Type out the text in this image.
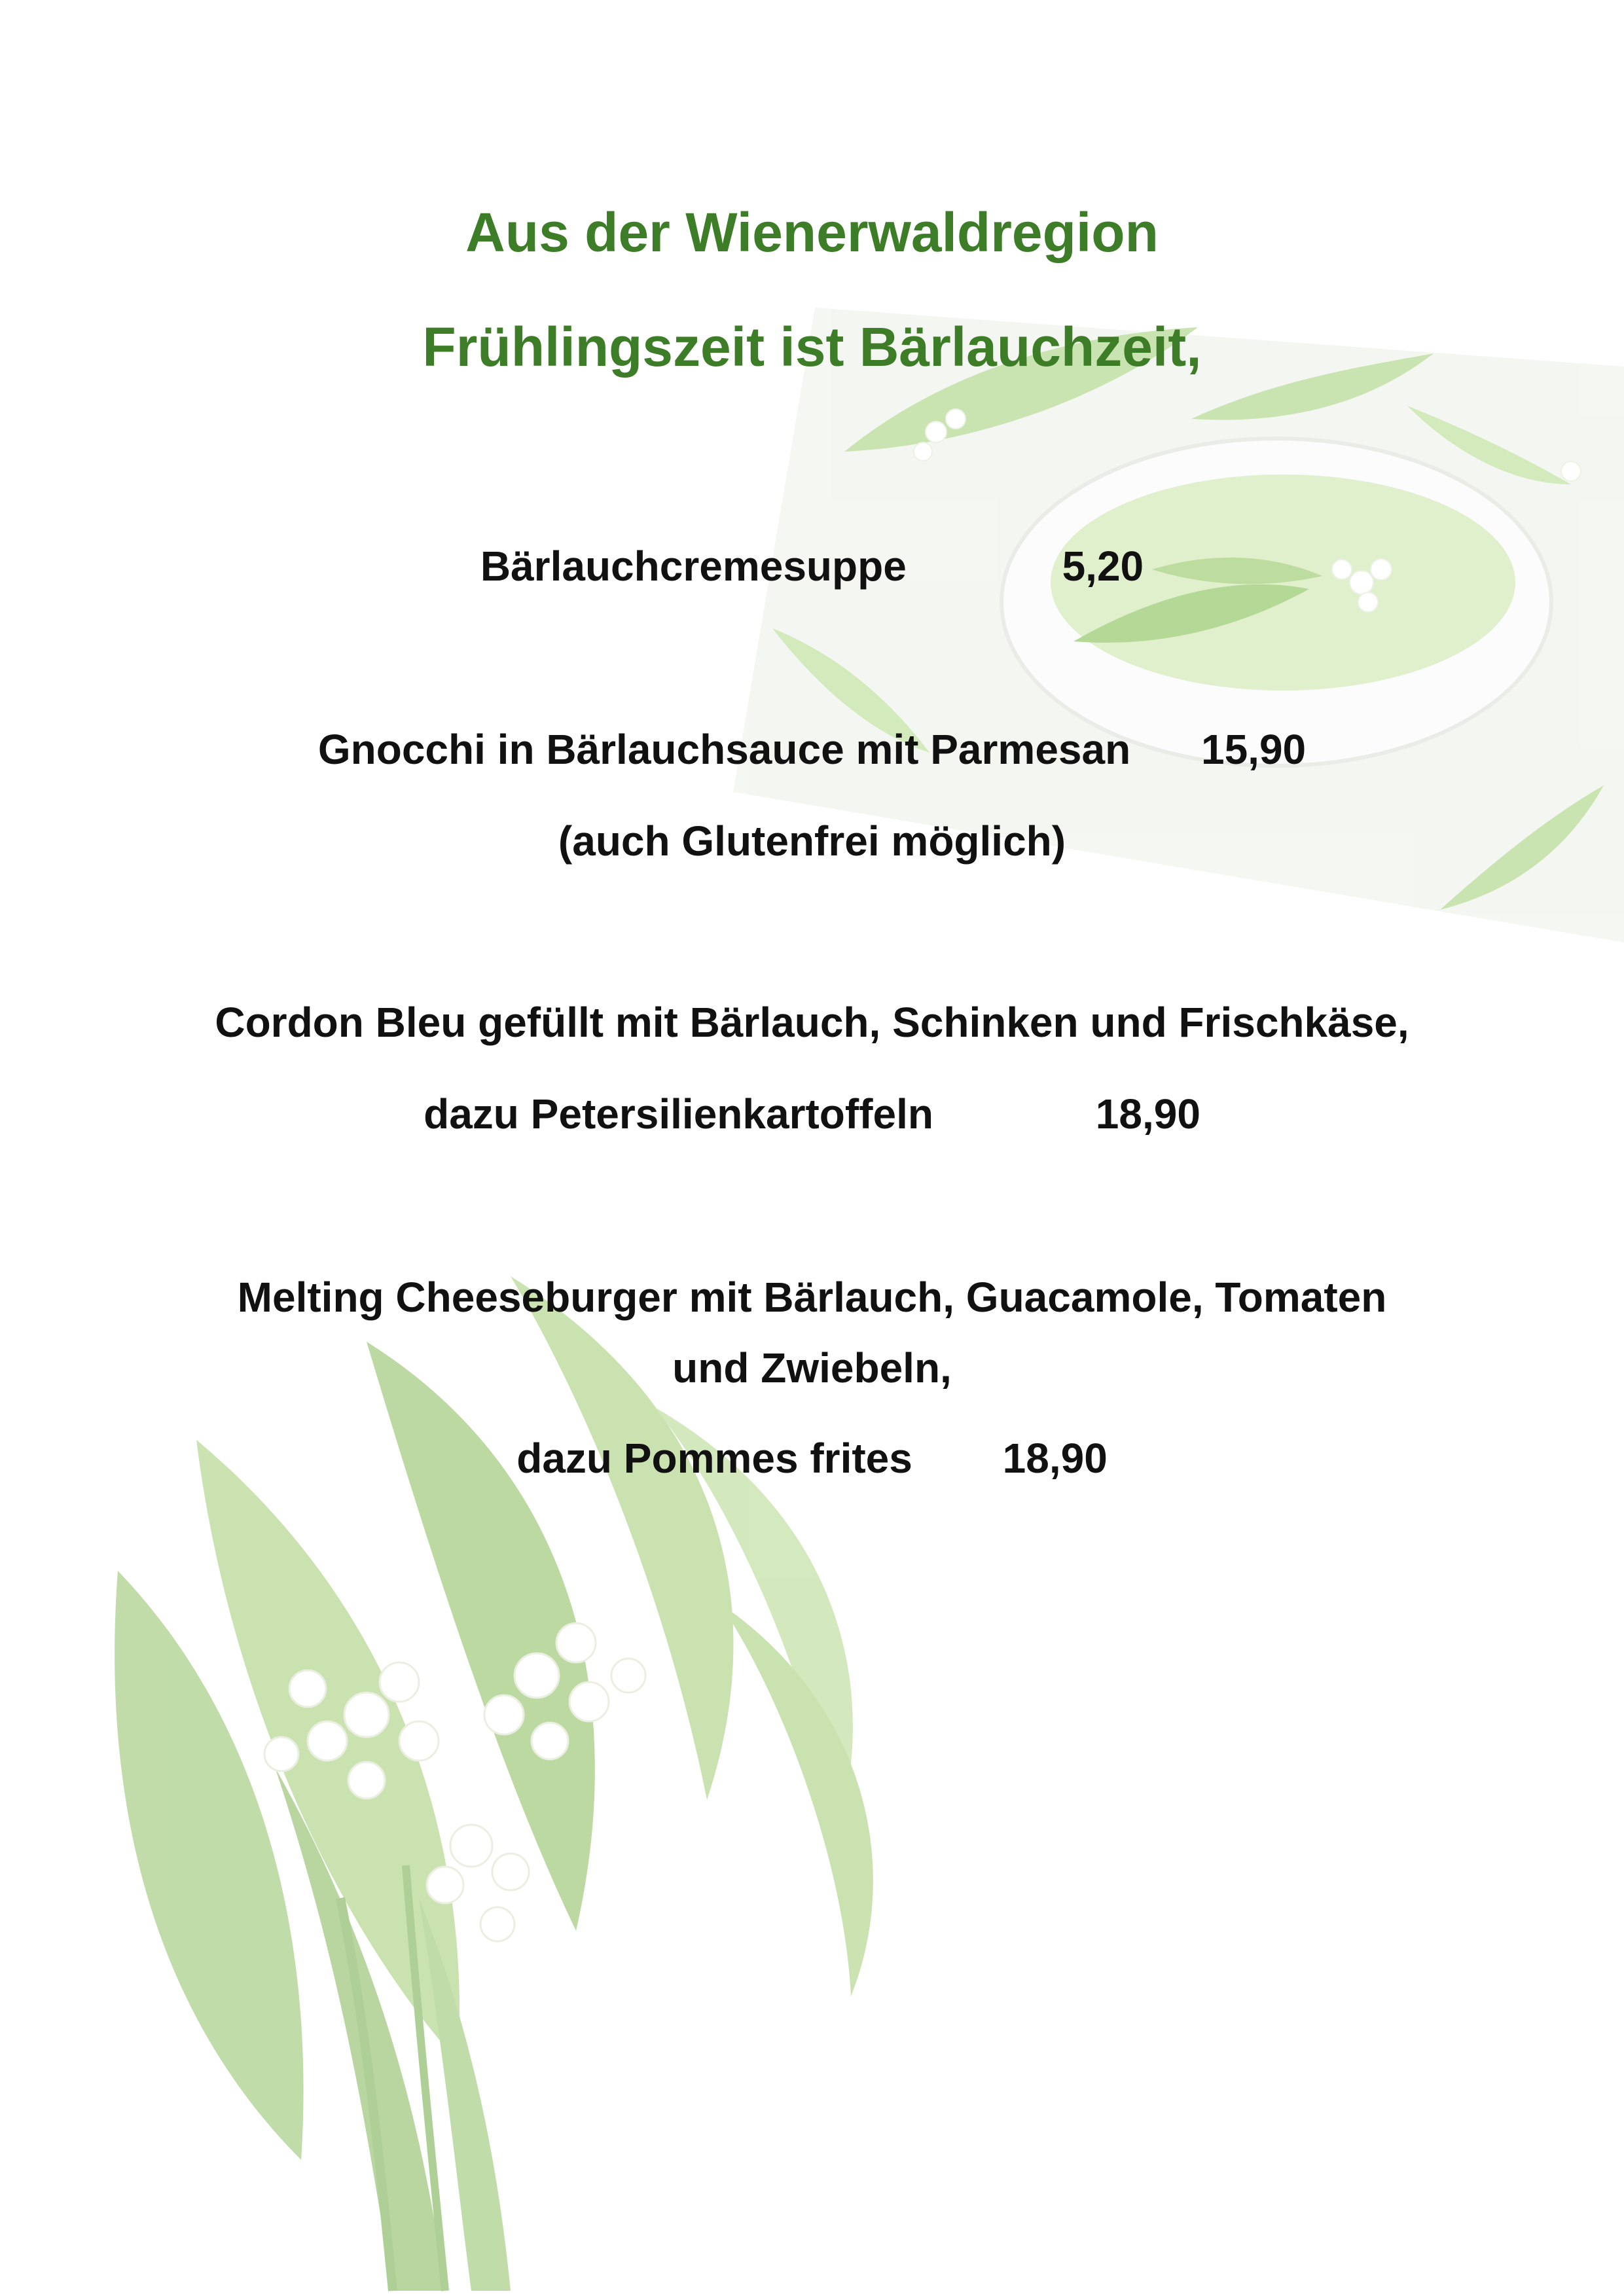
Aus der Wienerwaldregion
Frühlingszeit ist Bärlauchzeit,
Bärlauchcremesuppe	5,20
Gnocchi in Bärlauchsauce mit Parmesan 15,90
(auch Glutenfrei möglich)
Cordon Bleu gefüllt mit Bärlauch, Schinken und Frischkäse,
dazu Petersilienkartoffeln	18,90
Melting Cheeseburger mit Bärlauch, Guacamole, Tomaten
und Zwiebeln,
dazu Pommes frites 18,90
